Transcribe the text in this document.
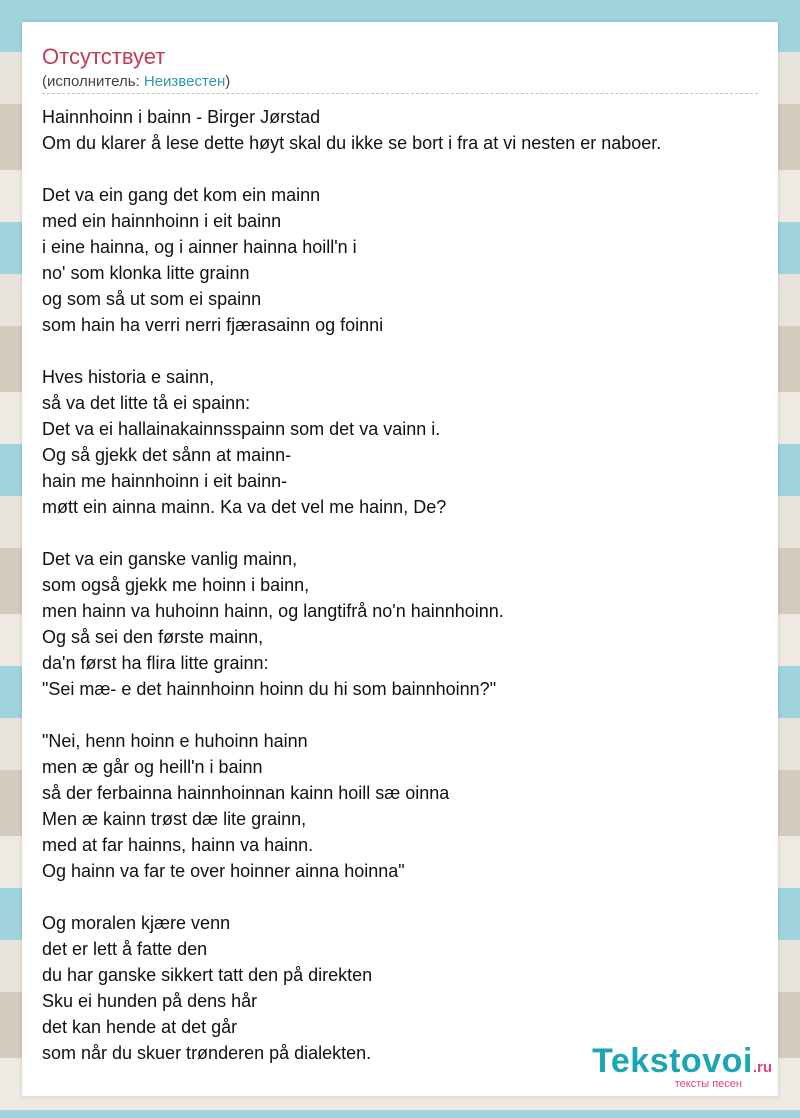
Отсутствует
(исполнитель: Неизвестен)
Hainnhoinn i bainn - Birger Jørstad
Om du klarer å lese dette høyt skal du ikke se bort i fra at vi nesten er naboer.
Det va ein gang det kom ein mainn
med ein hainnhoinn i eit bainn
i eine hainna, og i ainner hainna hoill'n i
no' som klonka litte grainn
og som så ut som ei spainn
som hain ha verri nerri fjærasainn og foinni
Hves historia e sainn,
så va det litte tå ei spainn:
Det va ei hallainakainnsspainn som det va vainn i.
Og så gjekk det sånn at mainn-
hain me hainnhoinn i eit bainn-
møtt ein ainna mainn. Ka va det vel me hainn, De?
Det va ein ganske vanlig mainn,
som også gjekk me hoinn i bainn,
men hainn va huhoinn hainn, og langtifrå no'n hainnhoinn.
Og så sei den første mainn,
da'n først ha flira litte grainn:
"Sei mæ- e det hainnhoinn hoinn du hi som bainnhoinn?"
"Nei, henn hoinn e huhoinn hainn
men æ går og heill'n i bainn
så der ferbainna hainnhoinnan kainn hoill sæ oinna
Men æ kainn trøst dæ lite grainn,
med at far hainns, hainn va hainn.
Og hainn va far te over hoinner ainna hoinna"
Og moralen kjære venn
det er lett å fatte den
du har ganske sikkert tatt den på direkten
Sku ei hunden på dens hår
det kan hende at det går
som når du skuer trønderen på dialekten.	Tekstovoi.ru
тексты песен
